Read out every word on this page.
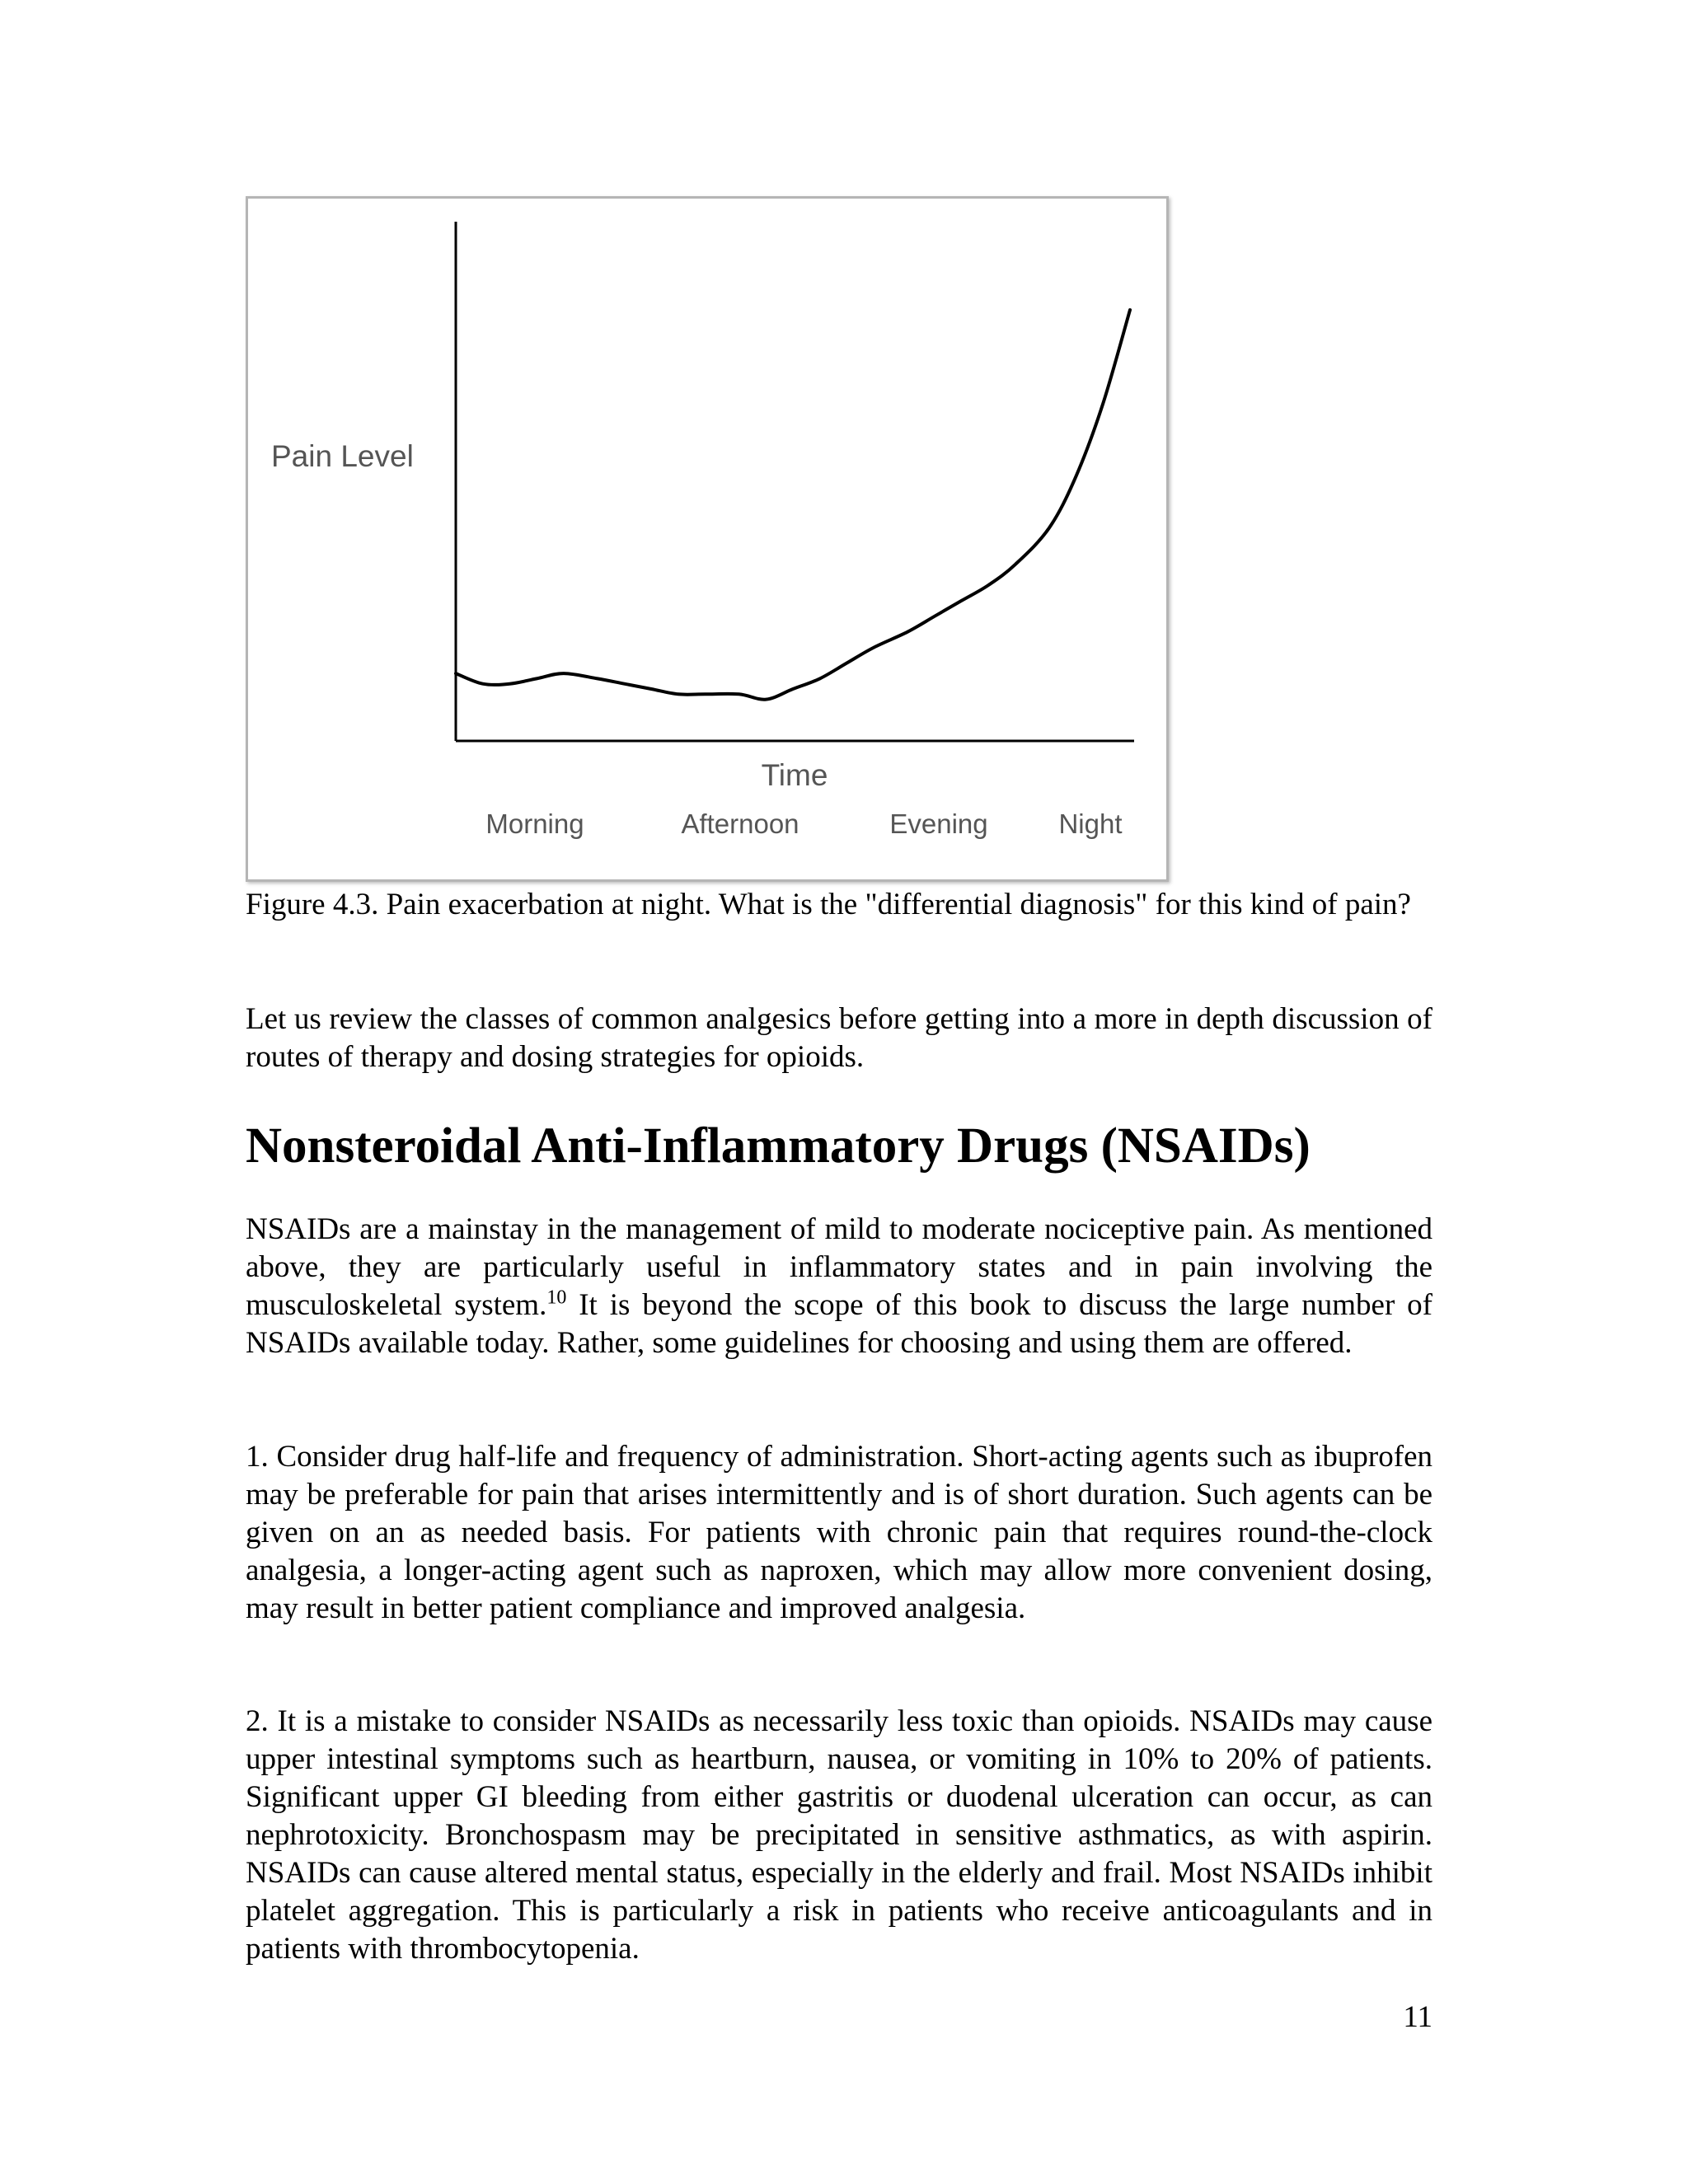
Pain Level
Time
Morning	Afternoon	Evening	Night

Figure 4.3. Pain exacerbation at night. What is the "differential diagnosis" for this kind of pain?

Let us review the classes of common analgesics before getting into a more in depth discussion of routes of therapy and dosing strategies for opioids.

Nonsteroidal Anti-Inflammatory Drugs (NSAIDs)

NSAIDs are a mainstay in the management of mild to moderate nociceptive pain. As mentioned above, they are particularly useful in inflammatory states and in pain involving the musculoskeletal system.$^{10}$ It is beyond the scope of this book to discuss the large number of NSAIDs available today. Rather, some guidelines for choosing and using them are offered.

1. Consider drug half-life and frequency of administration. Short-acting agents such as ibuprofen may be preferable for pain that arises intermittently and is of short duration. Such agents can be given on an as needed basis. For patients with chronic pain that requires round-the-clock analgesia, a longer-acting agent such as naproxen, which may allow more convenient dosing, may result in better patient compliance and improved analgesia.

2. It is a mistake to consider NSAIDs as necessarily less toxic than opioids. NSAIDs may cause upper intestinal symptoms such as heartburn, nausea, or vomiting in 10% to 20% of patients. Significant upper GI bleeding from either gastritis or duodenal ulceration can occur, as can nephrotoxicity. Bronchospasm may be precipitated in sensitive asthmatics, as with aspirin. NSAIDs can cause altered mental status, especially in the elderly and frail. Most NSAIDs inhibit platelet aggregation. This is particularly a risk in patients who receive anticoagulants and in patients with thrombocytopenia.

11
